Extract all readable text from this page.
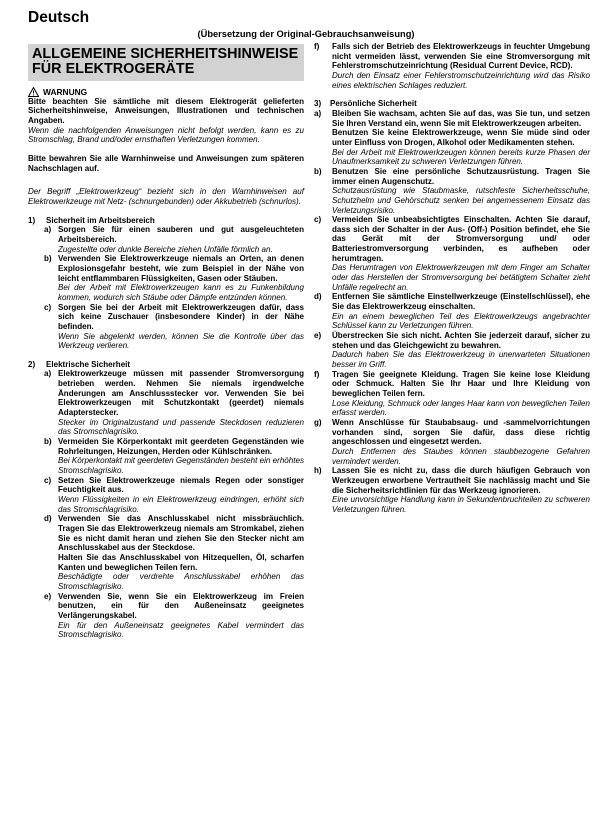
Deutsch
(Übersetzung der Original-Gebrauchsanweisung)
ALLGEMEINE SICHERHEITSHINWEISE
FÜR ELEKTROGERÄTE
WARNUNG

Bitte beachten Sie sämtliche mit diesem Elektrogerät gelieferten Sicherheitshinweise, Anweisungen, Illustrationen und technischen Angaben.

Wenn die nachfolgenden Anweisungen nicht befolgt werden, kann es zu Stromschlag, Brand und/oder ernsthaften Verletzungen kommen.

Bitte bewahren Sie alle Warnhinweise und Anweisungen zum späteren Nachschlagen auf.

Der Begriff „Elektrowerkzeug“ bezieht sich in den Warnhinweisen auf Elektrowerkzeuge mit Netz- (schnurgebunden) oder Akkubetrieb (schnurlos).

1)	Sicherheit im Arbeitsbereich
a) Sorgen Sie für einen sauberen und gut ausgeleuchteten Arbeitsbereich.

Zugestellte oder dunkle Bereiche ziehen Unfälle förmlich an.

b) Verwenden Sie Elektrowerkzeuge niemals an Orten, an denen Explosionsgefahr besteht, wie zum Beispiel in der Nähe von leicht entflammbaren Flüssigkeiten, Gasen oder Stäuben.

Bei der Arbeit mit Elektrowerkzeugen kann es zu Funkenbildung kommen, wodurch sich Stäube oder Dämpfe entzünden können.

c) Sorgen Sie bei der Arbeit mit Elektrowerkzeugen dafür, dass sich keine Zuschauer (insbesondere Kinder) in der Nähe befinden.

Wenn Sie abgelenkt werden, können Sie die Kontrolle über das Werkzeug verlieren.

2)	Elektrische Sicherheit
a) Elektrowerkzeuge müssen mit passender Stromversorgung betrieben werden. Nehmen Sie niemals irgendwelche Änderungen am Anschlussstecker vor. Verwenden Sie bei Elektrowerkzeugen mit Schutzkontakt (geerdet) niemals Adapterstecker.

Stecker im Originalzustand und passende Steckdosen reduzieren das Stromschlagrisiko.

b) Vermeiden Sie Körperkontakt mit geerdeten Gegenständen wie Rohrleitungen, Heizungen, Herden oder Kühlschränken.

Bei Körperkontakt mit geerdeten Gegenständen besteht ein erhöhtes Stromschlagrisiko.

c) Setzen Sie Elektrowerkzeuge niemals Regen oder sonstiger Feuchtigkeit aus.

Wenn Flüssigkeiten in ein Elektrowerkzeug eindringen, erhöht sich das Stromschlagrisiko.

d) Verwenden Sie das Anschlusskabel nicht missbräuchlich. Tragen Sie das Elektrowerkzeug niemals am Stromkabel, ziehen Sie es nicht damit heran und ziehen Sie den Stecker nicht am Anschlusskabel aus der Steckdose.

Halten Sie das Anschlusskabel von Hitzequellen, Öl, scharfen Kanten und beweglichen Teilen fern.

Beschädigte oder verdrehte Anschlusskabel erhöhen das Stromschlagrisiko.

e) Verwenden Sie, wenn Sie ein Elektrowerkzeug im Freien benutzen, ein für den Außeneinsatz geeignetes Verlängerungskabel.

Ein für den Außeneinsatz geeignetes Kabel vermindert das Stromschlagrisiko.

f)	Falls sich der Betrieb des Elektrowerkzeugs in feuchter Umgebung nicht vermeiden lässt, verwenden Sie eine Stromversorgung mit Fehlerstromschutzeinrichtung (Residual Current Device, RCD).

Durch den Einsatz einer Fehlerstromschutzeinrichtung wird das Risiko eines elektrischen Schlages reduziert.

3)	Persönliche Sicherheit
a)	Bleiben Sie wachsam, achten Sie auf das, was Sie tun, und setzen Sie Ihren Verstand ein, wenn Sie mit Elektrowerkzeugen arbeiten.

Benutzen Sie keine Elektrowerkzeuge, wenn Sie müde sind oder unter Einfluss von Drogen, Alkohol oder Medikamenten stehen.

Bei der Arbeit mit Elektrowerkzeugen können bereits kurze Phasen der Unaufmerksamkeit zu schweren Verletzungen führen.

b)	Benutzen Sie eine persönliche Schutzausrüstung. Tragen Sie immer einen Augenschutz.

Schutzausrüstung wie Staubmaske, rutschfeste Sicherheitsschuhe, Schutzhelm und Gehörschutz senken bei angemessenem Einsatz das Verletzungsrisiko.

c)	Vermeiden Sie unbeabsichtigtes Einschalten. Achten Sie darauf, dass sich der Schalter in der Aus- (Off-) Position befindet, ehe Sie das Gerät mit der Stromversorgung und/ oder Batteriestromversorgung verbinden, es aufheben oder herumtragen.

Das Herumtragen von Elektrowerkzeugen mit dem Finger am Schalter oder das Herstellen der Stromversorgung bei betätigtem Schalter zieht Unfälle regelrecht an.

d)	Entfernen Sie sämtliche Einstellwerkzeuge (Einstellschlüssel), ehe Sie das Elektrowerkzeug einschalten.

Ein an einem beweglichen Teil des Elektrowerkzeugs angebrachter Schlüssel kann zu Verletzungen führen.

e)	Überstrecken Sie sich nicht. Achten Sie jederzeit darauf, sicher zu stehen und das Gleichgewicht zu bewahren.

Dadurch haben Sie das Elektrowerkzeug in unerwarteten Situationen besser im Griff.

f)	Tragen Sie geeignete Kleidung. Tragen Sie keine lose Kleidung oder Schmuck. Halten Sie Ihr Haar und Ihre Kleidung von beweglichen Teilen fern.

Lose Kleidung, Schmuck oder langes Haar kann von beweglichen Teilen erfasst werden.

g)	Wenn Anschlüsse für Staubabsaug- und -sammelvorrichtungen vorhanden sind, sorgen Sie dafür, dass diese richtig angeschlossen und eingesetzt werden.

Durch Entfernen des Staubes können staubbezogene Gefahren vermindert werden.

h)	Lassen Sie es nicht zu, dass die durch häufigen Gebrauch von Werkzeugen erworbene Vertrautheit Sie nachlässig macht und Sie die Sicherheitsrichtlinien für das Werkzeug ignorieren.

Eine unvorsichtige Handlung kann in Sekundenbruchteilen zu schweren Verletzungen führen.
